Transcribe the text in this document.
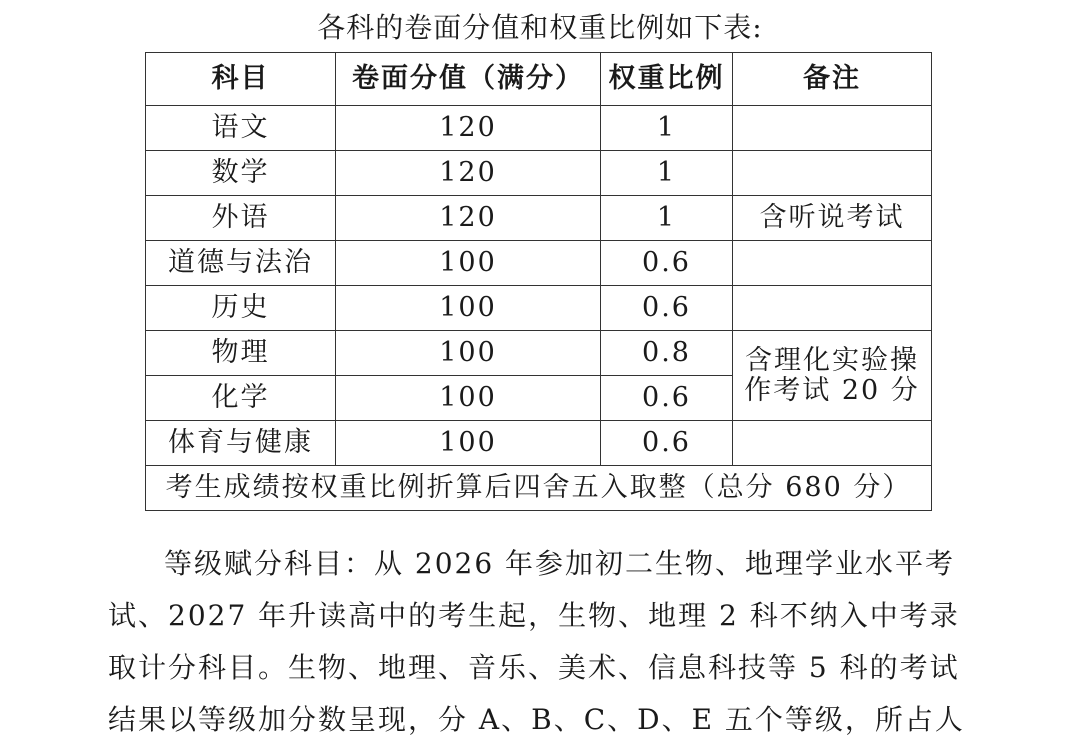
各科的卷面分值和权重比例如下表:
科目	卷面分值（满分）	权重比例	备注
语文	120	1	
数学	120	1	
外语	120	1	含听说考试
道德与法治	100	0.6	
历史	100	0.6	
物理	100	0.8	含理化实验操
作考试 20 分

化学	100	0.6	
体育与健康	100	0.6	
考生成绩按权重比例折算后四舍五入取整（总分 680 分）			

等级赋分科目：从 2026 年参加初二生物、地理学业水平考

试、2027 年升读高中的考生起，生物、地理 2 科不纳入中考录

取计分科目。生物、地理、音乐、美术、信息科技等 5 科的考试

结果以等级加分数呈现，分 A、B、C、D、E 五个等级，所占人
